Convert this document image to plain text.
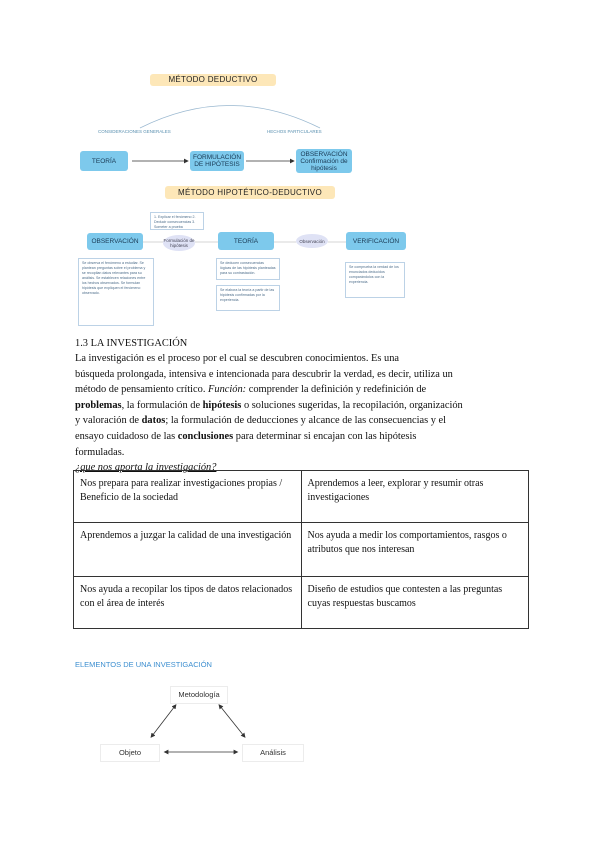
MÉTODO DEDUCTIVO
CONSIDERACIONES GENERALES	HECHOS PARTICULARES
TEORÍA	FORMULACIÓN DE HIPÓTESIS
OBSERVACIÓN Confirmación de hipótesis
MÉTODO HIPOTÉTICO-DEDUCTIVO
1. Explicar el fenómeno 2. Deducir consecuencias 3. Someter a prueba
OBSERVACIÓN	Formulación de hipótesis
TEORÍA	Observación	VERIFICACIÓN
Se observa el fenómeno a estudiar. Se plantean preguntas sobre el problema y se recopilan datos relevantes para su análisis. Se establecen relaciones entre los hechos observados. Se formulan hipótesis que expliquen el fenómeno observado.
Se deducen consecuencias lógicas de las hipótesis planteadas para su contrastación.
Se elabora la teoría a partir de las hipótesis confirmadas por la experiencia.
Se comprueba la verdad de los enunciados deducidos comparándolos con la experiencia.
1.3 LA INVESTIGACIÓN
La investigación es el proceso por el cual se descubren conocimientos. Es una
búsqueda prolongada, intensiva e intencionada para descubrir la verdad, es decir, utiliza un
método de pensamiento crítico. Función: comprender la definición y redefinición de
problemas, la formulación de hipótesis o soluciones sugeridas, la recopilación, organización
y valoración de datos; la formulación de deducciones y alcance de las consecuencias y el
ensayo cuidadoso de las conclusiones para determinar si encajan con las hipótesis
formuladas.
¿que nos aporta la investigación?
Nos prepara para realizar investigaciones propias / Beneficio de la sociedad	Aprendemos a leer, explorar y resumir otras investigaciones
Aprendemos a juzgar la calidad de una investigación	Nos ayuda a medir los comportamientos, rasgos o atributos que nos interesan
Nos ayuda a recopilar los tipos de datos relacionados con el área de interés	Diseño de estudios que contesten a las preguntas cuyas respuestas buscamos
ELEMENTOS DE UNA INVESTIGACIÓN
Metodología
Objeto	Análisis
